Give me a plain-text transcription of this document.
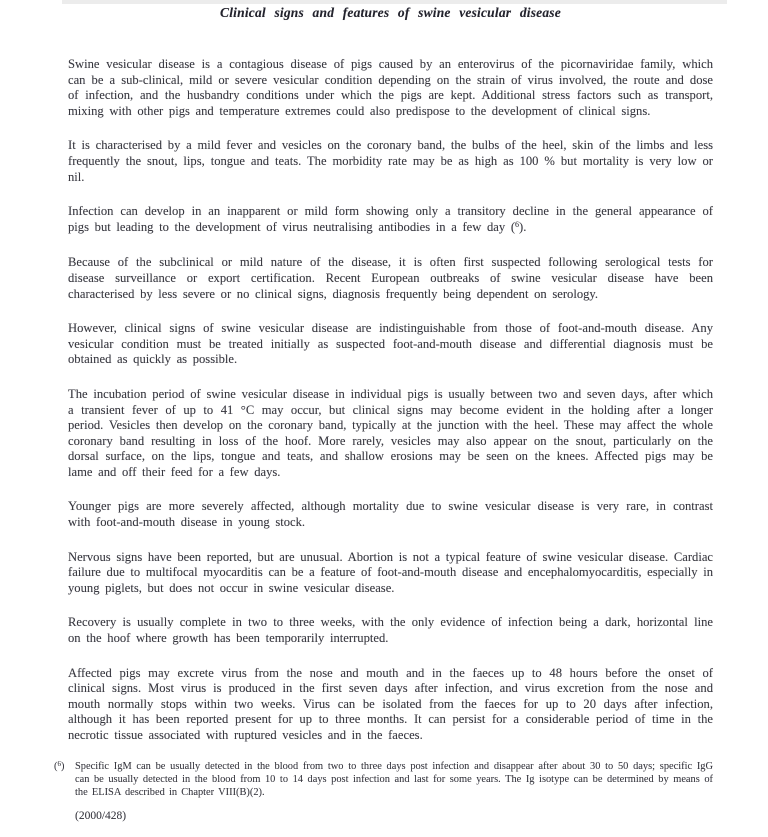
Clinical signs and features of swine vesicular disease

Swine vesicular disease is a contagious disease of pigs caused by an enterovirus of the picornaviridae family, which can be a sub-clinical, mild or severe vesicular condition depending on the strain of virus involved, the route and dose of infection, and the husbandry conditions under which the pigs are kept. Additional stress factors such as transport, mixing with other pigs and temperature extremes could also predispose to the development of clinical signs.

It is characterised by a mild fever and vesicles on the coronary band, the bulbs of the heel, skin of the limbs and less frequently the snout, lips, tongue and teats. The morbidity rate may be as high as 100 % but mortality is very low or nil.

Infection can develop in an inapparent or mild form showing only a transitory decline in the general appearance of pigs but leading to the development of virus neutralising antibodies in a few day ($^6$).

Because of the subclinical or mild nature of the disease, it is often first suspected following serological tests for disease surveillance or export certification. Recent European outbreaks of swine vesicular disease have been characterised by less severe or no clinical signs, diagnosis frequently being dependent on serology.

However, clinical signs of swine vesicular disease are indistinguishable from those of foot-and-mouth disease. Any vesicular condition must be treated initially as suspected foot-and-mouth disease and differential diagnosis must be obtained as quickly as possible.

The incubation period of swine vesicular disease in individual pigs is usually between two and seven days, after which a transient fever of up to 41 °C may occur, but clinical signs may become evident in the holding after a longer period. Vesicles then develop on the coronary band, typically at the junction with the heel. These may affect the whole coronary band resulting in loss of the hoof. More rarely, vesicles may also appear on the snout, particularly on the dorsal surface, on the lips, tongue and teats, and shallow erosions may be seen on the knees. Affected pigs may be lame and off their feed for a few days.

Younger pigs are more severely affected, although mortality due to swine vesicular disease is very rare, in contrast with foot-and-mouth disease in young stock.

Nervous signs have been reported, but are unusual. Abortion is not a typical feature of swine vesicular disease. Cardiac failure due to multifocal myocarditis can be a feature of foot-and-mouth disease and encephalomyocarditis, especially in young piglets, but does not occur in swine vesicular disease.

Recovery is usually complete in two to three weeks, with the only evidence of infection being a dark, horizontal line on the hoof where growth has been temporarily interrupted.

Affected pigs may excrete virus from the nose and mouth and in the faeces up to 48 hours before the onset of clinical signs. Most virus is produced in the first seven days after infection, and virus excretion from the nose and mouth normally stops within two weeks. Virus can be isolated from the faeces for up to 20 days after infection, although it has been reported present for up to three months. It can persist for a considerable period of time in the necrotic tissue associated with ruptured vesicles and in the faeces.

($^6$)	Specific IgM can be usually detected in the blood from two to three days post infection and disappear after about 30 to 50 days; specific IgG can be usually detected in the blood from 10 to 14 days post infection and last for some years. The Ig isotype can be determined by means of the ELISA described in Chapter VIII(B)(2).
(2000/428)
